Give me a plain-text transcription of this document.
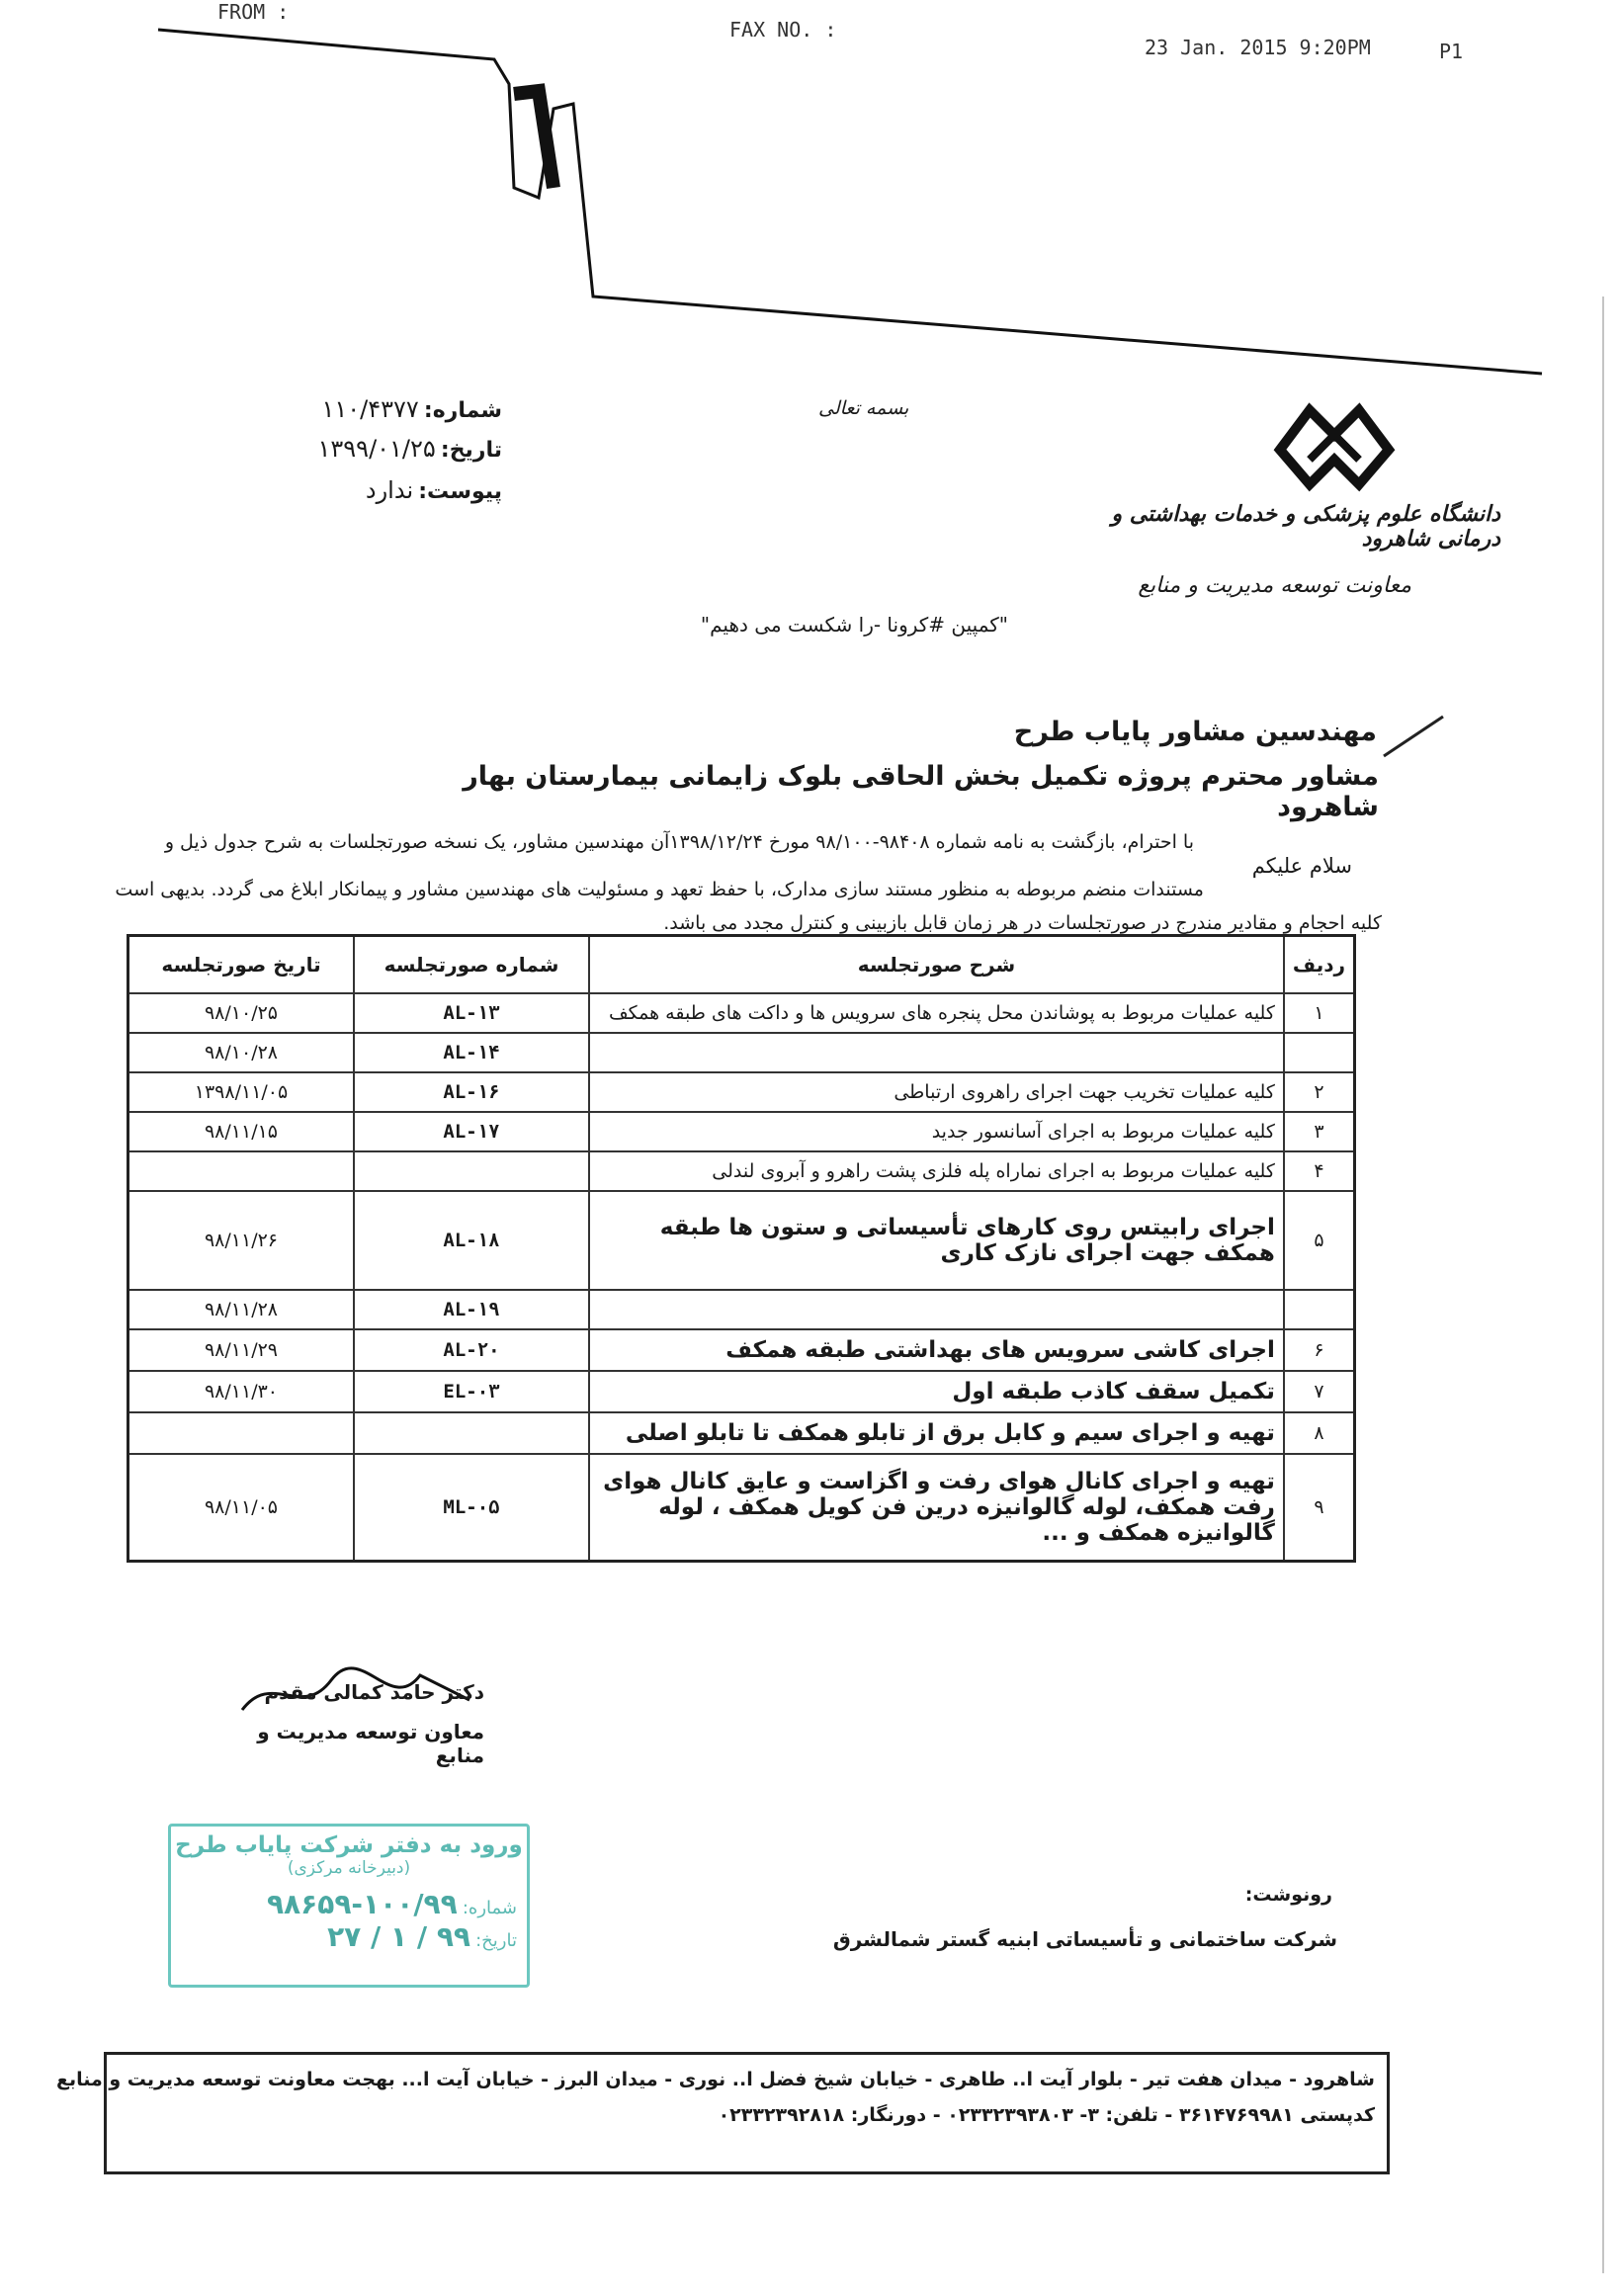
FROM :
FAX NO. :
23 Jan. 2015 9:20PM	P1
دانشگاه علوم پزشکی و خدمات بهداشتی و درمانی شاهرود
معاونت توسعه مدیریت و منابع
بسمه تعالی
شماره: ۱۱۰/۴۳۷۷
تاریخ: ۱۳۹۹/۰۱/۲۵
پیوست: ندارد
"کمپین #کرونا -را شکست می دهیم"
مهندسین مشاور پایاب طرح
مشاور محترم پروژه تکمیل بخش الحاقی بلوک زایمانی بیمارستان بهار شاهرود
سلام علیکم
با احترام، بازگشت به نامه شماره ۹۸۴۰۸-۹۸/۱۰۰ مورخ ۱۳۹۸/۱۲/۲۴آن مهندسین مشاور، یک نسخه صورتجلسات به شرح جدول ذیل و
مستندات منضم مربوطه به منظور مستند سازی مدارک، با حفظ تعهد و مسئولیت های مهندسین مشاور و پیمانکار ابلاغ می گردد. بدیهی است
کلیه احجام و مقادیر مندرج در صورتجلسات در هر زمان قابل بازبینی و کنترل مجدد می باشد.
ردیف	شرح صورتجلسه	شماره صورتجلسه	تاریخ صورتجلسه
۱	کلیه عملیات مربوط به پوشاندن محل پنجره های سرویس ها و داکت های طبقه همکف	AL-۱۳	۹۸/۱۰/۲۵
		AL-۱۴	۹۸/۱۰/۲۸
۲	کلیه عملیات تخریب جهت اجرای راهروی ارتباطی	AL-۱۶	۱۳۹۸/۱۱/۰۵
۳	کلیه عملیات مربوط به اجرای آسانسور جدید	AL-۱۷	۹۸/۱۱/۱۵
۴	کلیه عملیات مربوط به اجرای نماراه پله فلزی پشت راهرو و آبروی لندلی		
۵	اجرای رابیتس روی کارهای تأسیساتی و ستون ها طبقه همکف جهت اجرای نازک کاری	AL-۱۸	۹۸/۱۱/۲۶
		AL-۱۹	۹۸/۱۱/۲۸
۶	اجرای کاشی سرویس های بهداشتی طبقه همکف	AL-۲۰	۹۸/۱۱/۲۹
۷	تکمیل سقف کاذب طبقه اول	EL-۰۳	۹۸/۱۱/۳۰
۸	تهیه و اجرای سیم و کابل برق از تابلو همکف تا تابلو اصلی		
۹	تهیه و اجرای کانال هوای رفت و اگزاست و عایق کانال هوای رفت همکف، لوله گالوانیزه درین فن کویل همکف ، لوله گالوانیزه همکف و ...	ML-۰۵	۹۸/۱۱/۰۵
دکتر حامد کمالی مقدم
معاون توسعه مدیریت و منابع
ورود به دفتر شرکت پایاب طرح
(دبیرخانه مرکزی)
شماره: ۱۰۰/۹۹-۹۸۶۵۹
تاریخ: ۹۹ / ۱ / ۲۷
رونوشت:
شرکت ساختمانی و تأسیساتی ابنیه گستر شمالشرق
شاهرود - میدان هفت تیر - بلوار آیت ا.. طاهری - خیابان شیخ فضل ا.. نوری - میدان البرز - خیابان آیت ا... بهجت معاونت توسعه مدیریت و منابع
کدپستی ۳۶۱۴۷۶۹۹۸۱ - تلفن: ۳- ۰۲۳۳۲۳۹۳۸۰۳ - دورنگار: ۰۲۳۳۲۳۹۲۸۱۸
